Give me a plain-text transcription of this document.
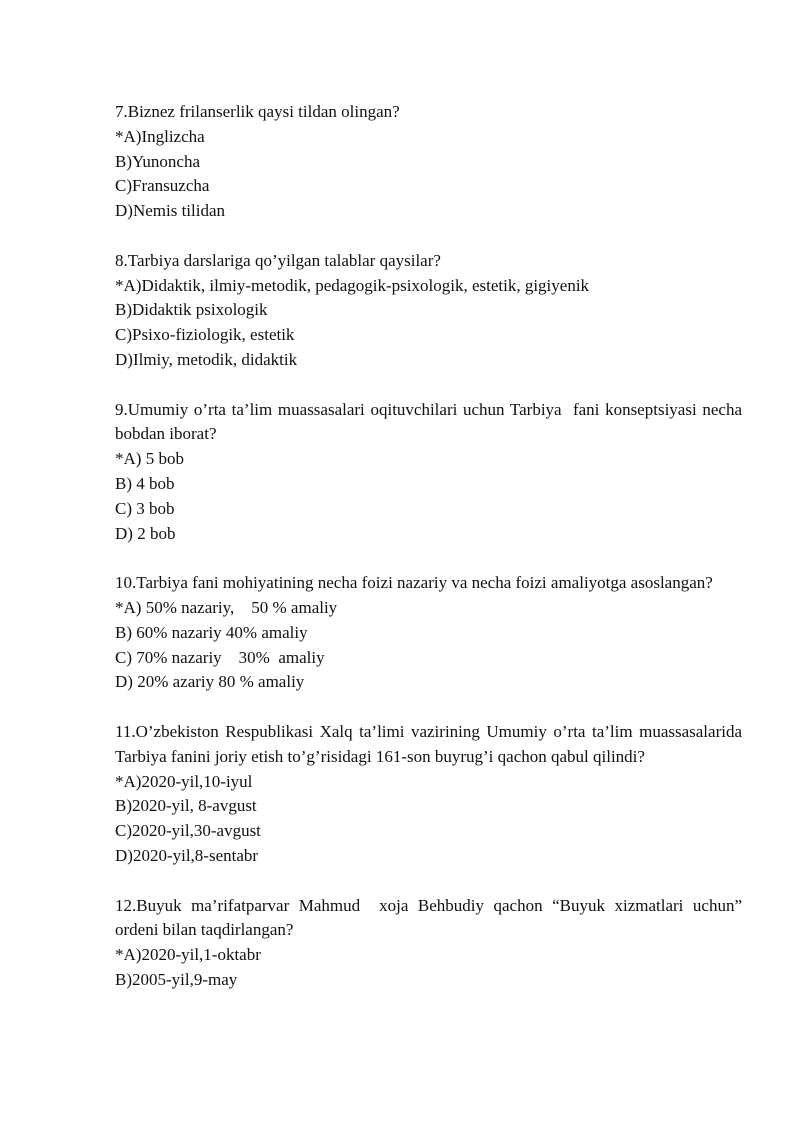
7.Biznez frilanserlik qaysi tildan olingan?

*A)Inglizcha

B)Yunoncha

C)Fransuzcha

D)Nemis tilidan

8.Tarbiya darslariga qo’yilgan talablar qaysilar?

*A)Didaktik, ilmiy-metodik, pedagogik-psixologik, estetik, gigiyenik

B)Didaktik psixologik

C)Psixo-fiziologik, estetik

D)Ilmiy, metodik, didaktik

9.Umumiy o’rta ta’lim muassasalari oqituvchilari uchun Tarbiya  fani konseptsiyasi necha bobdan iborat?

*A) 5 bob

B) 4 bob

C) 3 bob

D) 2 bob

10.Tarbiya fani mohiyatining necha foizi nazariy va necha foizi amaliyotga asoslangan?

*A) 50% nazariy,    50 % amaliy

B) 60% nazariy 40% amaliy

C) 70% nazariy    30%  amaliy

D) 20% azariy 80 % amaliy

11.O’zbekiston Respublikasi Xalq ta’limi vazirining Umumiy o’rta ta’lim muassasalarida Tarbiya fanini joriy etish to’g’risidagi 161-son buyrug’i qachon qabul qilindi?

*A)2020-yil,10-iyul

B)2020-yil, 8-avgust

C)2020-yil,30-avgust

D)2020-yil,8-sentabr

12.Buyuk ma’rifatparvar Mahmud  xoja Behbudiy qachon “Buyuk xizmatlari uchun” ordeni bilan taqdirlangan?

*A)2020-yil,1-oktabr

B)2005-yil,9-may
